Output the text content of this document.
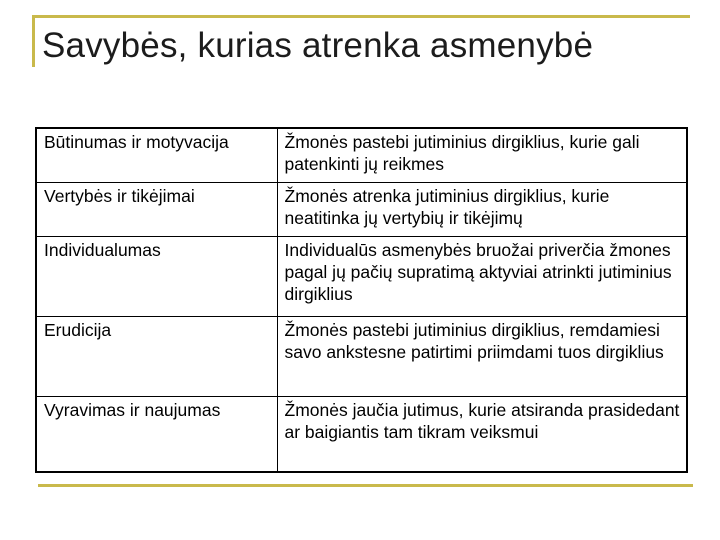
Savybės, kurias atrenka asmenybė
Būtinumas ir motyvacija	Žmonės pastebi jutiminius dirgiklius, kurie gali patenkinti jų reikmes
Vertybės ir tikėjimai	Žmonės atrenka jutiminius dirgiklius, kurie neatitinka jų vertybių ir tikėjimų
Individualumas	Individualūs asmenybės bruožai priverčia žmones pagal jų pačių supratimą aktyviai atrinkti jutiminius dirgiklius
Erudicija	Žmonės pastebi jutiminius dirgiklius, remdamiesi savo ankstesne patirtimi priimdami tuos dirgiklius
Vyravimas ir naujumas	Žmonės jaučia jutimus, kurie atsiranda prasidedant ar baigiantis tam tikram veiksmui
